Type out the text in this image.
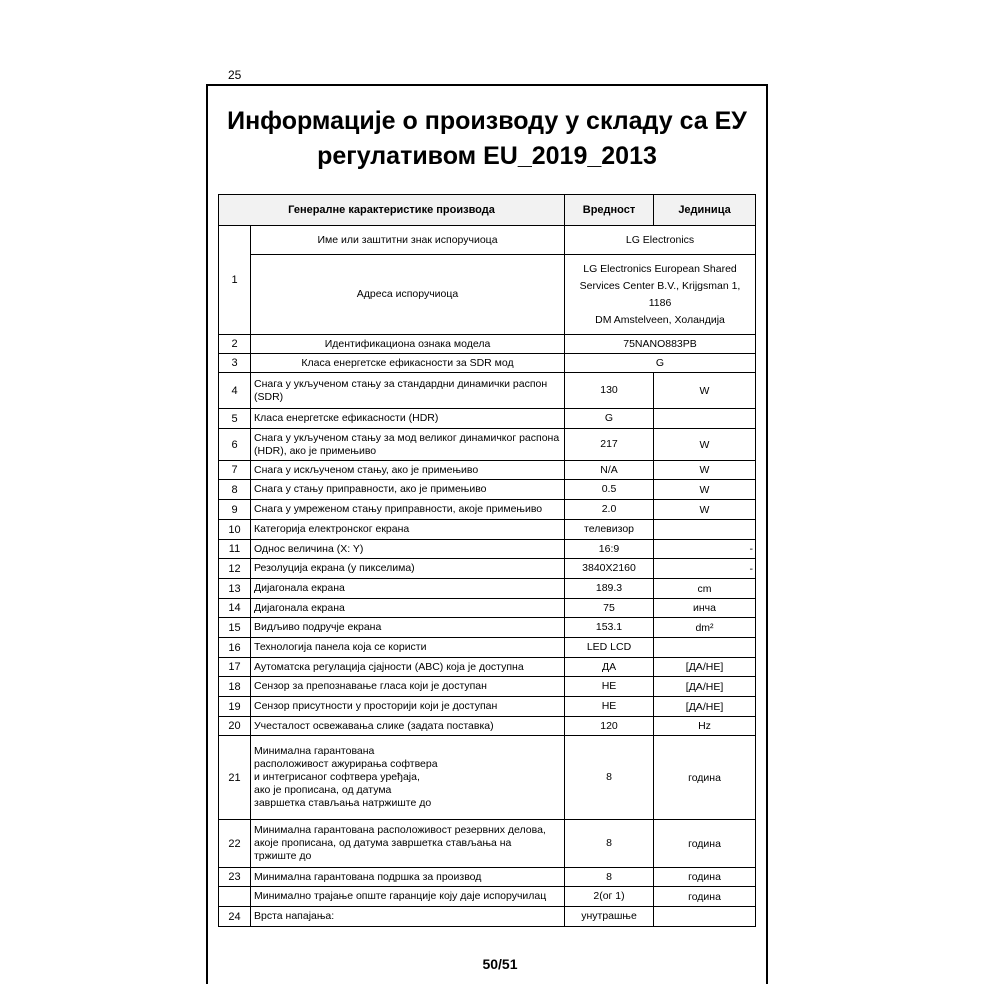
25
Информације о производу у складу са ЕУ
регулативом EU_2019_2013
Генералне карактеристике производа		Вредност	Јединица
1	Име или заштитни знак испоручиоца	LG Electronics	
	Адреса испоручиоца	LG Electronics European Shared
Services Center B.V., Krijgsman 1, 1186
DM Amstelveen, Холандија	
2	Идентификациона ознака модела	75NANO883PB	
3	Класа енергетске ефикасности за SDR мод	G	
4	Снага у укљученом стању за стандардни динамички распон
(SDR)	130	W
5	Класа енергетске ефикасности (HDR)	G	
6	Снага у укљученом стању за мод великог динамичког распона
(HDR), ако је примењиво	217	W
7	Снага у искљученом стању, ако је примењиво	N/A	W
8	Снага у стању приправности, ако је примењиво	0.5	W
9	Снага у умреженом стању приправности, акоје примењиво	2.0	W
10	Категорија електронског екрана	телевизор	
11	Однос величина (X: Y)	16:9	-
12	Резолуција екрана (у пикселима)	3840X2160	-
13	Дијагонала екрана	189.3	cm
14	Дијагонала екрана	75	инча
15	Видљиво подручје екрана	153.1	dm²
16	Технологија панела која се користи	LED LCD	
17	Аутоматска регулација сјајности (ABC) која је доступна	ДА	[ДА/НЕ]
18	Сензор за препознавање гласа који је доступан	НЕ	[ДА/НЕ]
19	Сензор присутности у просторији који је доступан	НЕ	[ДА/НЕ]
20	Учесталост освежавања слике (задата поставка)	120	Hz
21	Минимална гарантована
расположивост ажурирања софтвера
и интегрисаног софтвера уређаја,
ако је прописана, од датума
завршетка стављања натржиште до	8	година
22	Минимална гарантована расположивост резервних делова,
акоје прописана, од датума завршетка стављања на
тржиште до	8	година
23	Минимална гарантована подршка за производ	8	година
	Минимално трајање опште гаранције коју даје испоручилац	2(ог 1)	година
24	Врста напајања:	унутрашње	
50/51
